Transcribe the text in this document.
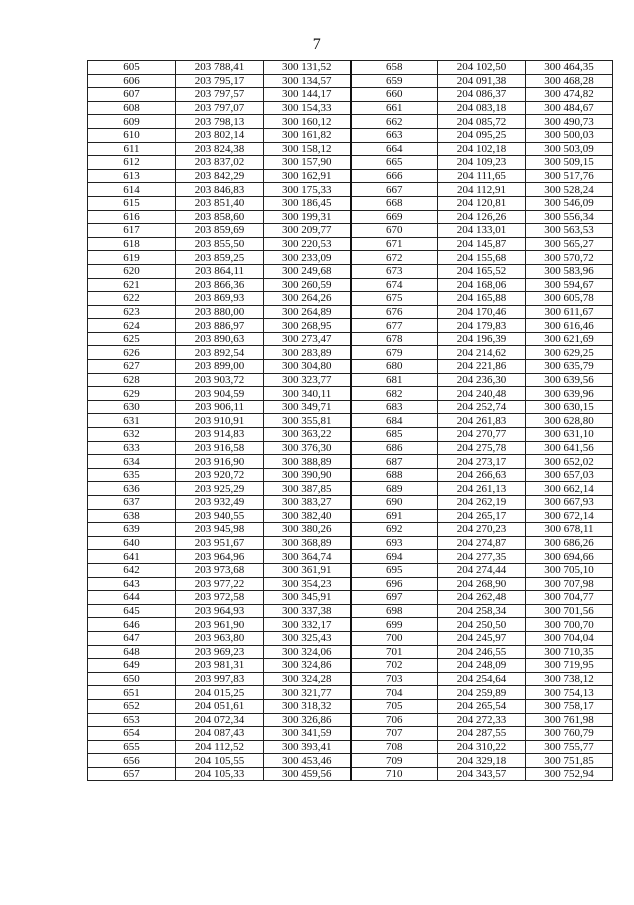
7
605	203 788,41	300 131,52	658	204 102,50	300 464,35
606	203 795,17	300 134,57	659	204 091,38	300 468,28
607	203 797,57	300 144,17	660	204 086,37	300 474,82
608	203 797,07	300 154,33	661	204 083,18	300 484,67
609	203 798,13	300 160,12	662	204 085,72	300 490,73
610	203 802,14	300 161,82	663	204 095,25	300 500,03
611	203 824,38	300 158,12	664	204 102,18	300 503,09
612	203 837,02	300 157,90	665	204 109,23	300 509,15
613	203 842,29	300 162,91	666	204 111,65	300 517,76
614	203 846,83	300 175,33	667	204 112,91	300 528,24
615	203 851,40	300 186,45	668	204 120,81	300 546,09
616	203 858,60	300 199,31	669	204 126,26	300 556,34
617	203 859,69	300 209,77	670	204 133,01	300 563,53
618	203 855,50	300 220,53	671	204 145,87	300 565,27
619	203 859,25	300 233,09	672	204 155,68	300 570,72
620	203 864,11	300 249,68	673	204 165,52	300 583,96
621	203 866,36	300 260,59	674	204 168,06	300 594,67
622	203 869,93	300 264,26	675	204 165,88	300 605,78
623	203 880,00	300 264,89	676	204 170,46	300 611,67
624	203 886,97	300 268,95	677	204 179,83	300 616,46
625	203 890,63	300 273,47	678	204 196,39	300 621,69
626	203 892,54	300 283,89	679	204 214,62	300 629,25
627	203 899,00	300 304,80	680	204 221,86	300 635,79
628	203 903,72	300 323,77	681	204 236,30	300 639,56
629	203 904,59	300 340,11	682	204 240,48	300 639,96
630	203 906,11	300 349,71	683	204 252,74	300 630,15
631	203 910,91	300 355,81	684	204 261,83	300 628,80
632	203 914,83	300 363,22	685	204 270,77	300 631,10
633	203 916,58	300 376,30	686	204 275,78	300 641,56
634	203 916,90	300 388,89	687	204 273,17	300 652,02
635	203 920,72	300 390,90	688	204 266,63	300 657,03
636	203 925,29	300 387,85	689	204 261,13	300 662,14
637	203 932,49	300 383,27	690	204 262,19	300 667,93
638	203 940,55	300 382,40	691	204 265,17	300 672,14
639	203 945,98	300 380,26	692	204 270,23	300 678,11
640	203 951,67	300 368,89	693	204 274,87	300 686,26
641	203 964,96	300 364,74	694	204 277,35	300 694,66
642	203 973,68	300 361,91	695	204 274,44	300 705,10
643	203 977,22	300 354,23	696	204 268,90	300 707,98
644	203 972,58	300 345,91	697	204 262,48	300 704,77
645	203 964,93	300 337,38	698	204 258,34	300 701,56
646	203 961,90	300 332,17	699	204 250,50	300 700,70
647	203 963,80	300 325,43	700	204 245,97	300 704,04
648	203 969,23	300 324,06	701	204 246,55	300 710,35
649	203 981,31	300 324,86	702	204 248,09	300 719,95
650	203 997,83	300 324,28	703	204 254,64	300 738,12
651	204 015,25	300 321,77	704	204 259,89	300 754,13
652	204 051,61	300 318,32	705	204 265,54	300 758,17
653	204 072,34	300 326,86	706	204 272,33	300 761,98
654	204 087,43	300 341,59	707	204 287,55	300 760,79
655	204 112,52	300 393,41	708	204 310,22	300 755,77
656	204 105,55	300 453,46	709	204 329,18	300 751,85
657	204 105,33	300 459,56	710	204 343,57	300 752,94
